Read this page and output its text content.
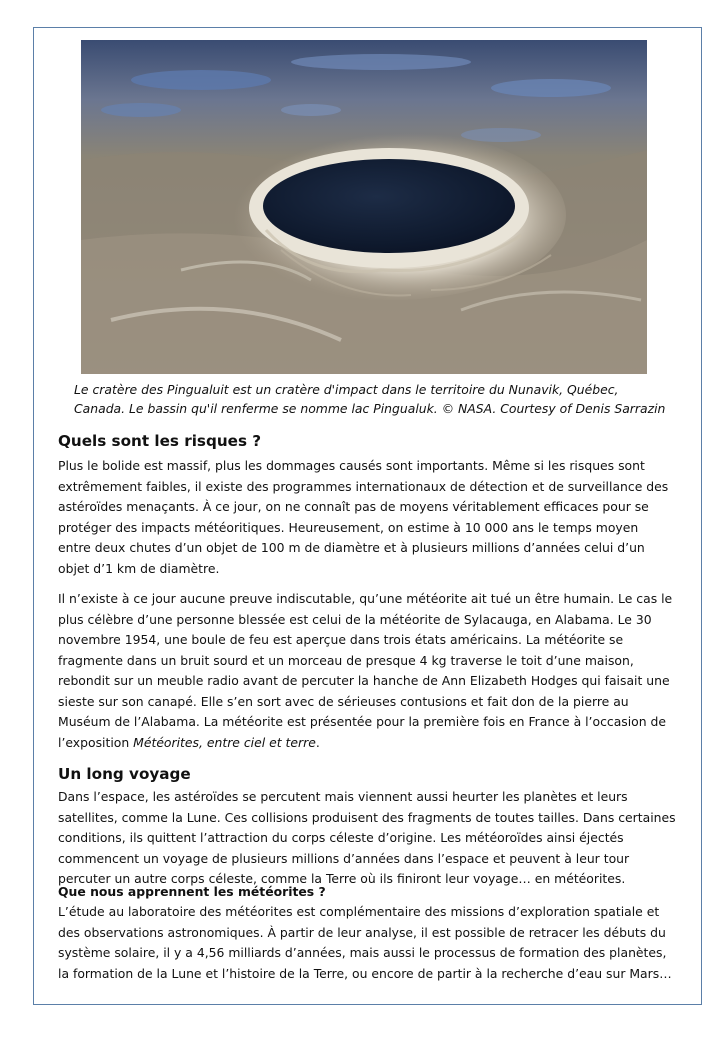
Le cratère des Pingualuit est un cratère d'impact dans le territoire du Nunavik, Québec,
Canada. Le bassin qu'il renferme se nomme lac Pingualuk. © NASA. Courtesy of Denis Sarrazin
Quels sont les risques ?
Plus le bolide est massif, plus les dommages causés sont importants. Même si les risques sont
extrêmement faibles, il existe des programmes internationaux de détection et de surveillance des
astéroïdes menaçants. À ce jour, on ne connaît pas de moyens véritablement efficaces pour se
protéger des impacts météoritiques. Heureusement, on estime à 10 000 ans le temps moyen
entre deux chutes d’un objet de 100 m de diamètre et à plusieurs millions d’années celui d’un
objet d’1 km de diamètre.
Il n’existe à ce jour aucune preuve indiscutable, qu’une météorite ait tué un être humain. Le cas le
plus célèbre d’une personne blessée est celui de la météorite de Sylacauga, en Alabama. Le 30
novembre 1954, une boule de feu est aperçue dans trois états américains. La météorite se
fragmente dans un bruit sourd et un morceau de presque 4 kg traverse le toit d’une maison,
rebondit sur un meuble radio avant de percuter la hanche de Ann Elizabeth Hodges qui faisait une
sieste sur son canapé. Elle s’en sort avec de sérieuses contusions et fait don de la pierre au
Muséum de l’Alabama. La météorite est présentée pour la première fois en France à l’occasion de
l’exposition Météorites, entre ciel et terre.
Un long voyage
Dans l’espace, les astéroïdes se percutent mais viennent aussi heurter les planètes et leurs
satellites, comme la Lune. Ces collisions produisent des fragments de toutes tailles. Dans certaines
conditions, ils quittent l’attraction du corps céleste d’origine. Les météoroïdes ainsi éjectés
commencent un voyage de plusieurs millions d’années dans l’espace et peuvent à leur tour
percuter un autre corps céleste, comme la Terre où ils finiront leur voyage… en météorites.
Que nous apprennent les météorites ?
L’étude au laboratoire des météorites est complémentaire des missions d’exploration spatiale et
des observations astronomiques. À partir de leur analyse, il est possible de retracer les débuts du
système solaire, il y a 4,56 milliards d’années, mais aussi le processus de formation des planètes,
la formation de la Lune et l’histoire de la Terre, ou encore de partir à la recherche d’eau sur Mars…
